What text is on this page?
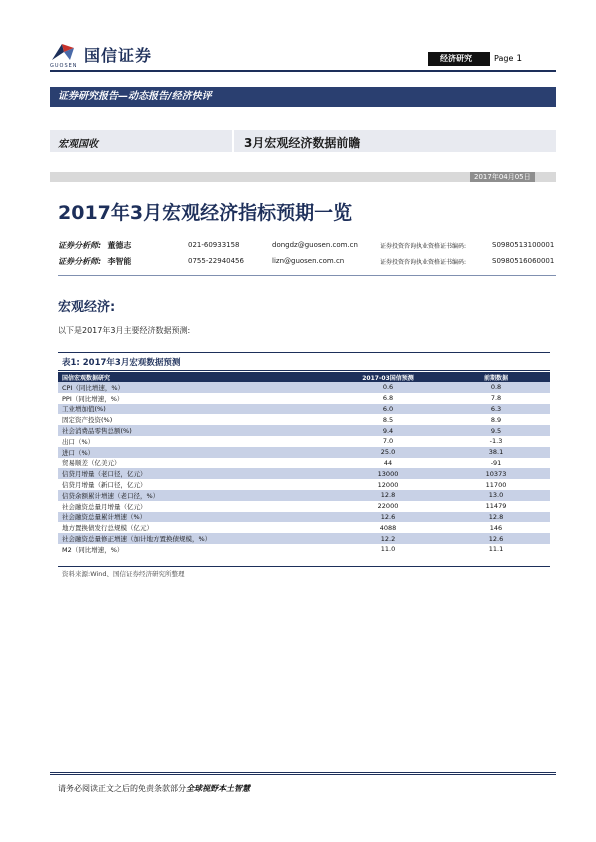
国信证券
GUOSEN
经济研究	Page 1
证券研究报告—动态报告/经济快评
宏观国收	3月宏观经济数据前瞻
2017年04月05日
2017年3月宏观经济指标预期一览
证券分析师: 董德志	021-60933158	dongdz@guosen.com.cn	证券投资咨询执业资格证书编码:	S0980513100001
证券分析师: 李智能	0755-22940456	lizn@guosen.com.cn	证券投资咨询执业资格证书编码:	S0980516060001
宏观经济:
以下是2017年3月主要经济数据预测:
表1: 2017年3月宏观数据预测
国信宏观数据研究	2017-03国信预测	前期数据
CPI（同比增速，%）	0.6	0.8
PPI（同比增速，%）	6.8	7.8
工业增加值(%)	6.0	6.3
固定资产投资(%)	8.5	8.9
社会消费品零售总额(%)	9.4	9.5
出口（%）	7.0	-1.3
进口（%）	25.0	38.1
贸易顺差（亿美元）	44	-91
信贷月增量（老口径，亿元）	13000	10373
信贷月增量（新口径，亿元）	12000	11700
信贷余额累计增速（老口径，%）	12.8	13.0
社会融资总量月增量（亿元）	22000	11479
社会融资总量累计增速（%）	12.6	12.8
地方置换债发行总规模（亿元）	4088	146
社会融资总量修正增速（加计地方置换债规模，%）	12.2	12.6
M2（同比增速，%）	11.0	11.1
资料来源:Wind、国信证券经济研究所整理
请务必阅读正文之后的免责条款部分全球视野本土智慧
